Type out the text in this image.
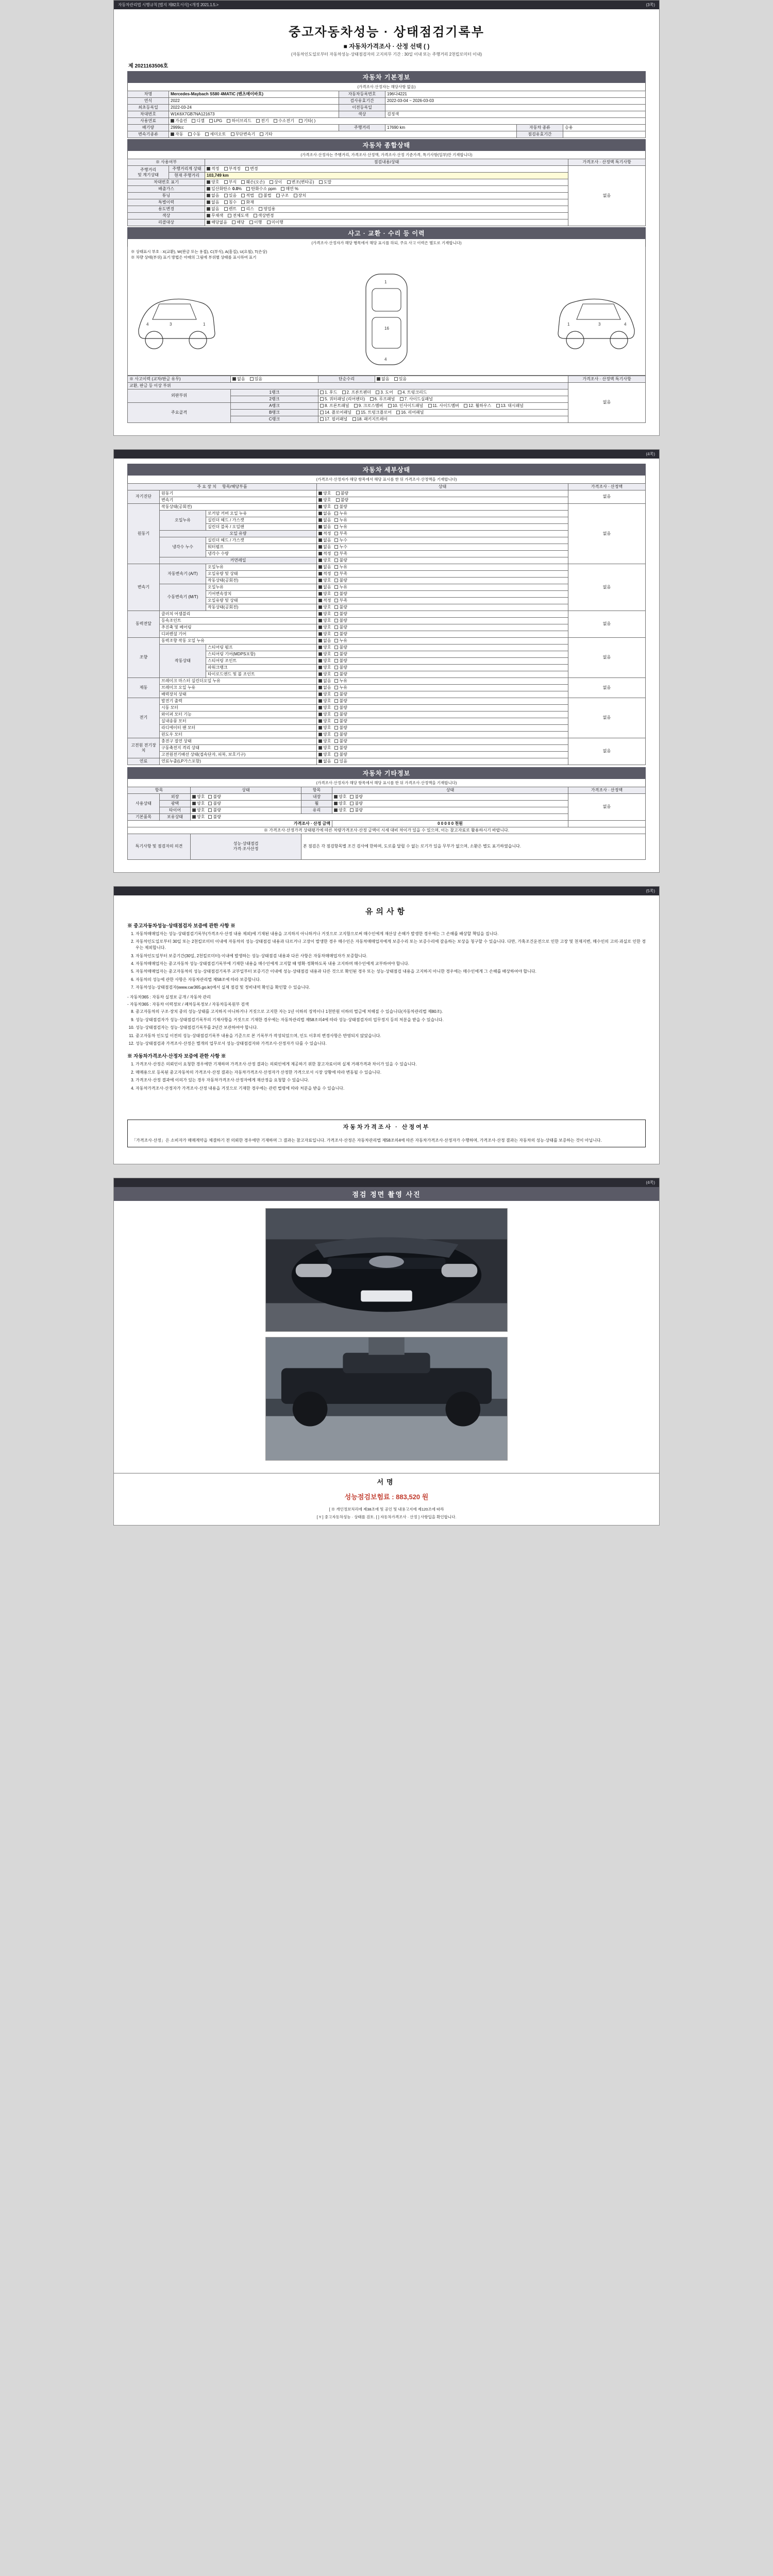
자동차관리법 시행규칙 [별지 제82호서식] <개정 2021.1.5.>	(3쪽)
중고자동차성능 · 상태점검기록부
■ 자동차가격조사 · 산정 선택 ( )
(자동차인도일로부터 자동차성능·상태점검자의 고지의무 기간 : 30일 이내 또는 주행거리 2천킬로미터 이내)
제 2021163506호
자동차 기본정보
(가격조사·산정자는 해당사항 없음)
차명	Mercedes-Maybach S580 4MATIC (벤츠메이바흐)	자동차등록번호	196다4221		
연식	2022	검사유효기간	2022-03-04 ~ 2026-03-03		
최초등록일	2022-03-24	이전등록일			
차대번호	W1K6X7GB7NA121673	색상	검정색		
사용연료	가솔린 디젤 LPG 하이브리드 전기 수소전기 기타( )				
배기량	2999cc	주행거리	17690 km	자동차 종류	승용
변속기종류	자동 수동 세미오토 무단변속기 기타			점검유효기간	
자동차 종합상태
(가격조사·산정자는 주행거리, 가격조사·산정액, 가격조사·산정 기준가격, 특기사항(일부)만 기재합니다)
※ 사용여부		점검내용/상태	가격조사 · 산정액 특기사항
주행거리
및 계기상태	주행거리계 상태	적정 부적정 변경	없음
	현재 주행거리	103,749 km	
차대번호 표기		양호 부식 훼손(오손) 상이 변조(변타공) 도말	
배출가스		일산화탄소 0.0% 탄화수소 ppm 매연 %	
튜닝		없음 있음 적법 불법 구조 장치	
특별이력		없음 침수 화재	
용도변경		없음 렌트 리스 영업용	
색상		무채색 전체도색 색상변경	
리콜대상		해당없음 해당 이행 미이행	
사고 · 교환 · 수리 등 이력
(가격조사·산정자가 해당 행목에서 해당 표시를 하되, 주요 사고 이력은 별도로 기재합니다)
※ 상태표시 부호 : X(교환), W(판금 또는 용접), C(부식), A(흠집), U(요철), T(손상)
※ 차량 상태(부위) 표기 방법은 아래의 그림에 부위별 상태를 표시하여 표기
4	3	1
1
16
4
4
3
1
※ 사고이력 (교차/판금 유무)	없음 있음	단순수리	없음 있음	가격조사 · 산정액 특기사항
교환, 판금 등 이상 부위				없음
외판부위	1랭크	1. 후드 2. 프론트펜더 3. 도어 4. 트렁크리드		
	2랭크	5. 쿼터패널 (리어펜더) 6. 루프패널 7. 사이드실패널		
주요골격	A랭크	8. 프론트패널 9. 크로스멤버 10. 인사이드패널 11. 사이드멤버 12. 휠하우스 13. 대시패널		
	B랭크	14. 플로어패널 15. 트렁크플로어 16. 리어패널		
	C랭크	17. 필러패널 18. 패키지트레이		
(4쪽)
자동차 세부상태
(가격조사·산정자가 해당 항목에서 해당 표시를 한 뒤 가격조사·산정액을 기재합니다)
주 요 장 치     항목/해당부품			상태	가격조사 · 산정액
자기진단	원동기		양호 불량	없음
	변속기		양호 불량	
원동기	작동상태(공회전)		양호 불량	없음
	오일누유	로커암 커버 오일 누유	없음 누유	
		실린더 헤드 / 가스켓	없음 누유	
		실린더 블록 / 오일팬	없음 누유	
	오일 유량		적정 부족	
	냉각수 누수	실린더 헤드 / 가스켓	없음 누수	
		워터펌프	없음 누수	
		냉각수 수량	적정 부족	
	커먼레일		양호 불량	
변속기	자동변속기 (A/T)	오일누유	없음 누유	없음
		오일유량 및 상태	적정 부족	
		작동상태(공회전)	양호 불량	
	수동변속기 (M/T)	오일누유	없음 누유	
		기어변속장치	양호 불량	
		오일유량 및 상태	적정 부족	
		작동상태(공회전)	양호 불량	
동력전달	클러치 어셈블리		양호 불량	없음
	등속조인트		양호 불량	
	추진축 및 베어링		양호 불량	
	디퍼렌셜 기어		양호 불량	
조향	동력조향 작동 오일 누유		없음 누유	없음
	작동상태	스티어링 펌프	양호 불량	
		스티어링 기어(MDPS포함)	양호 불량	
		스티어링 조인트	양호 불량	
		파워크랭크	양호 불량	
		타이로드엔드 및 볼 조인트	양호 불량	
제동	브레이크 마스터 실린더오일 누유		없음 누유	없음
	브레이크 오일 누유		없음 누유	
	배력장치 상태		양호 불량	
전기	발전기 출력		양호 불량	없음
	시동 모터		양호 불량	
	와이퍼 모터 기능		양호 불량	
	실내송풍 모터		양호 불량	
	라디에이터 팬 모터		양호 불량	
	윈도우 모터		양호 불량	
고전원 전기장치	충전구 절연 상태		양호 불량	없음
	구동축전지 격리 상태		양호 불량	
	고전원전기배선 상태(접속단자, 피복, 보호기구)		양호 불량	
연료	연료누출(LP가스포함)		없음 있음	
자동차 기타정보
(가격조사·산정자가 해당 항목에서 해당 표시를 한 뒤 가격조사·산정액을 기재합니다)
항목		상태	항목	상태	가격조사 · 산정액
사용상태	외장	양호 불량	내장	양호 불량	없음
	광택	양호 불량	휠	양호 불량	
	타이어	양호 불량	유리	양호 불량	
기본품목	보유상태	양호 불량			
가격조사 · 산정 금액				0 0 0 0 0 천원	
※ 가격조사·산정가격 상태평가에 따른 차량가격조사·산정 금액이 시세 대비 차이가 있을 수 있으며, 이는 참고자료로 활용하시기 바랍니다.					
특기사항 및 점검자의 의견		성능·상태점검
가격·조사산정	본 점검은 각 점검항목별 조건 검사에 한하며, 도로를 달릴 수 없는 로기가 있을 무부가 없으며, 소환은 별도 표기하였습니다.		
(5쪽)
유의사항
※ 중고자동차성능·상태점검자 보증에 관한 사항 ※
1. 자동차매매업자는 성능·상태점검기록부(가격조사·산정 내용 제외)에 기재된 내용을 고지하지 아니하거나 거짓으로 고지함으로써 매수인에게 재산상 손해가 발생한 경우에는 그 손해를 배상할 책임을 집니다.
2. 자동차인도일로부터 30일 또는 2천킬로미터 이내에 자동차의 성능·상태점검 내용과 다르거나 고장이 발생한 경우 매수인은 자동차매매업자에게 보증수리 또는 보증수리에 갈음하는 보상을 청구할 수 있습니다. 다만, 가혹조건운전으로 인한 고장 및 천재지변, 매수인의 고의·과실로 인한 경우는 제외합니다.
3. 자동차인도일부터 보증기간(30일, 2천킬로미터) 이내에 발생하는 성능·상태점검 내용과 다른 사항은 자동차매매업자가 보증합니다.
4. 자동차매매업자는 중고자동차 성능·상태점검기록부에 기재한 내용을 매수인에게 고지할 때 명확·정확하도록 내용 고지하며 매수인에게 교부하여야 합니다.
5. 자동차매매업자는 중고자동차의 성능·상태점검기록부 교부일부터 보증기간 이내에 성능·상태점검 내용과 다른 것으로 확인된 경우 또는 성능·상태점검 내용을 고지하지 아니한 경우에는 매수인에게 그 손해를 배상하여야 합니다.
6. 자동차의 성능에 관한 사항은 자동차관리법 제58조에 따라 보증합니다.
7. 자동차성능·상태점검자(www.car365.go.kr)에서 실제 점검 및 정비내역 확인을 확인할 수 있습니다.

- 자동차365 : 자동차 실정보 공개 / 자동차 관리

- 자동차365 : 자동차 이력정보 / 폐차등록정보 / 자동차등록원부 검색

8. 중고자동차의 구조·장치 중의 성능·상태를 고지하지 아니하거나 거짓으로 고지한 자는 1년 이하의 징역이나 1천만원 이하의 벌금에 처해질 수 있습니다(자동차관리법 제80조).
9. 성능·상태점검자가 성능·상태점검기록부의 기재사항을 거짓으로 기재한 경우에는 자동차관리법 제58조의4에 따라 성능·상태점검자의 업무정지 등의 처분을 받을 수 있습니다.
10. 성능·상태점검자는 성능·상태점검기록부를 2년간 보관하여야 합니다.
11. 중고자동차 인도일 이전의 성능·상태점검기록부 내용을 기준으로 본 기록부가 작성되었으며, 인도 이후의 변경사항은 반영되지 않았습니다.
12. 성능·상태점검과 가격조사·산정은 별개의 업무로서 성능·상태점검자와 가격조사·산정자가 다를 수 있습니다.
※ 자동차가격조사·산정자 보증에 관한 사항 ※
1. 가격조사·산정은 의뢰인이 요청한 경우에만 기재하며 가격조사·산정 결과는 의뢰인에게 제공하기 위한 참고자료이며 실제 거래가격과 차이가 있을 수 있습니다.
2. 매매용으로 등록된 중고자동차의 가격조사·산정 결과는 자동차가격조사·산정자가 산정한 가격으로서 시장 상황에 따라 변동될 수 있습니다.
3. 가격조사·산정 결과에 이의가 있는 경우 자동차가격조사·산정자에게 재산정을 요청할 수 있습니다.
4. 자동차가격조사·산정자가 가격조사·산정 내용을 거짓으로 기재한 경우에는 관련 법령에 따라 처분을 받을 수 있습니다.
자동차가격조사 · 산정여부
「가격조사·산정」은 소비자가 매매계약을 체결하기 전 의뢰한 경우에만 기재하며 그 결과는 참고자료입니다. 가격조사·산정은 자동차관리법 제58조의4에 따른 자동차가격조사·산정자가 수행하며, 가격조사·산정 결과는 자동차의 성능·상태를 보증하는 것이 아닙니다.
(4쪽)
점검 정면 촬영 사진
서명
성능점검보험료 : 883,520 원
[ ※ 개인정보처리에 제38조에 및 공인 및 내용고지에 제120조에 따라
[ Y ] 중고자동차성능 · 상태를 검토. [ ] 자동차가격조사 · 산정 ] 사항입을 확인합니다.
